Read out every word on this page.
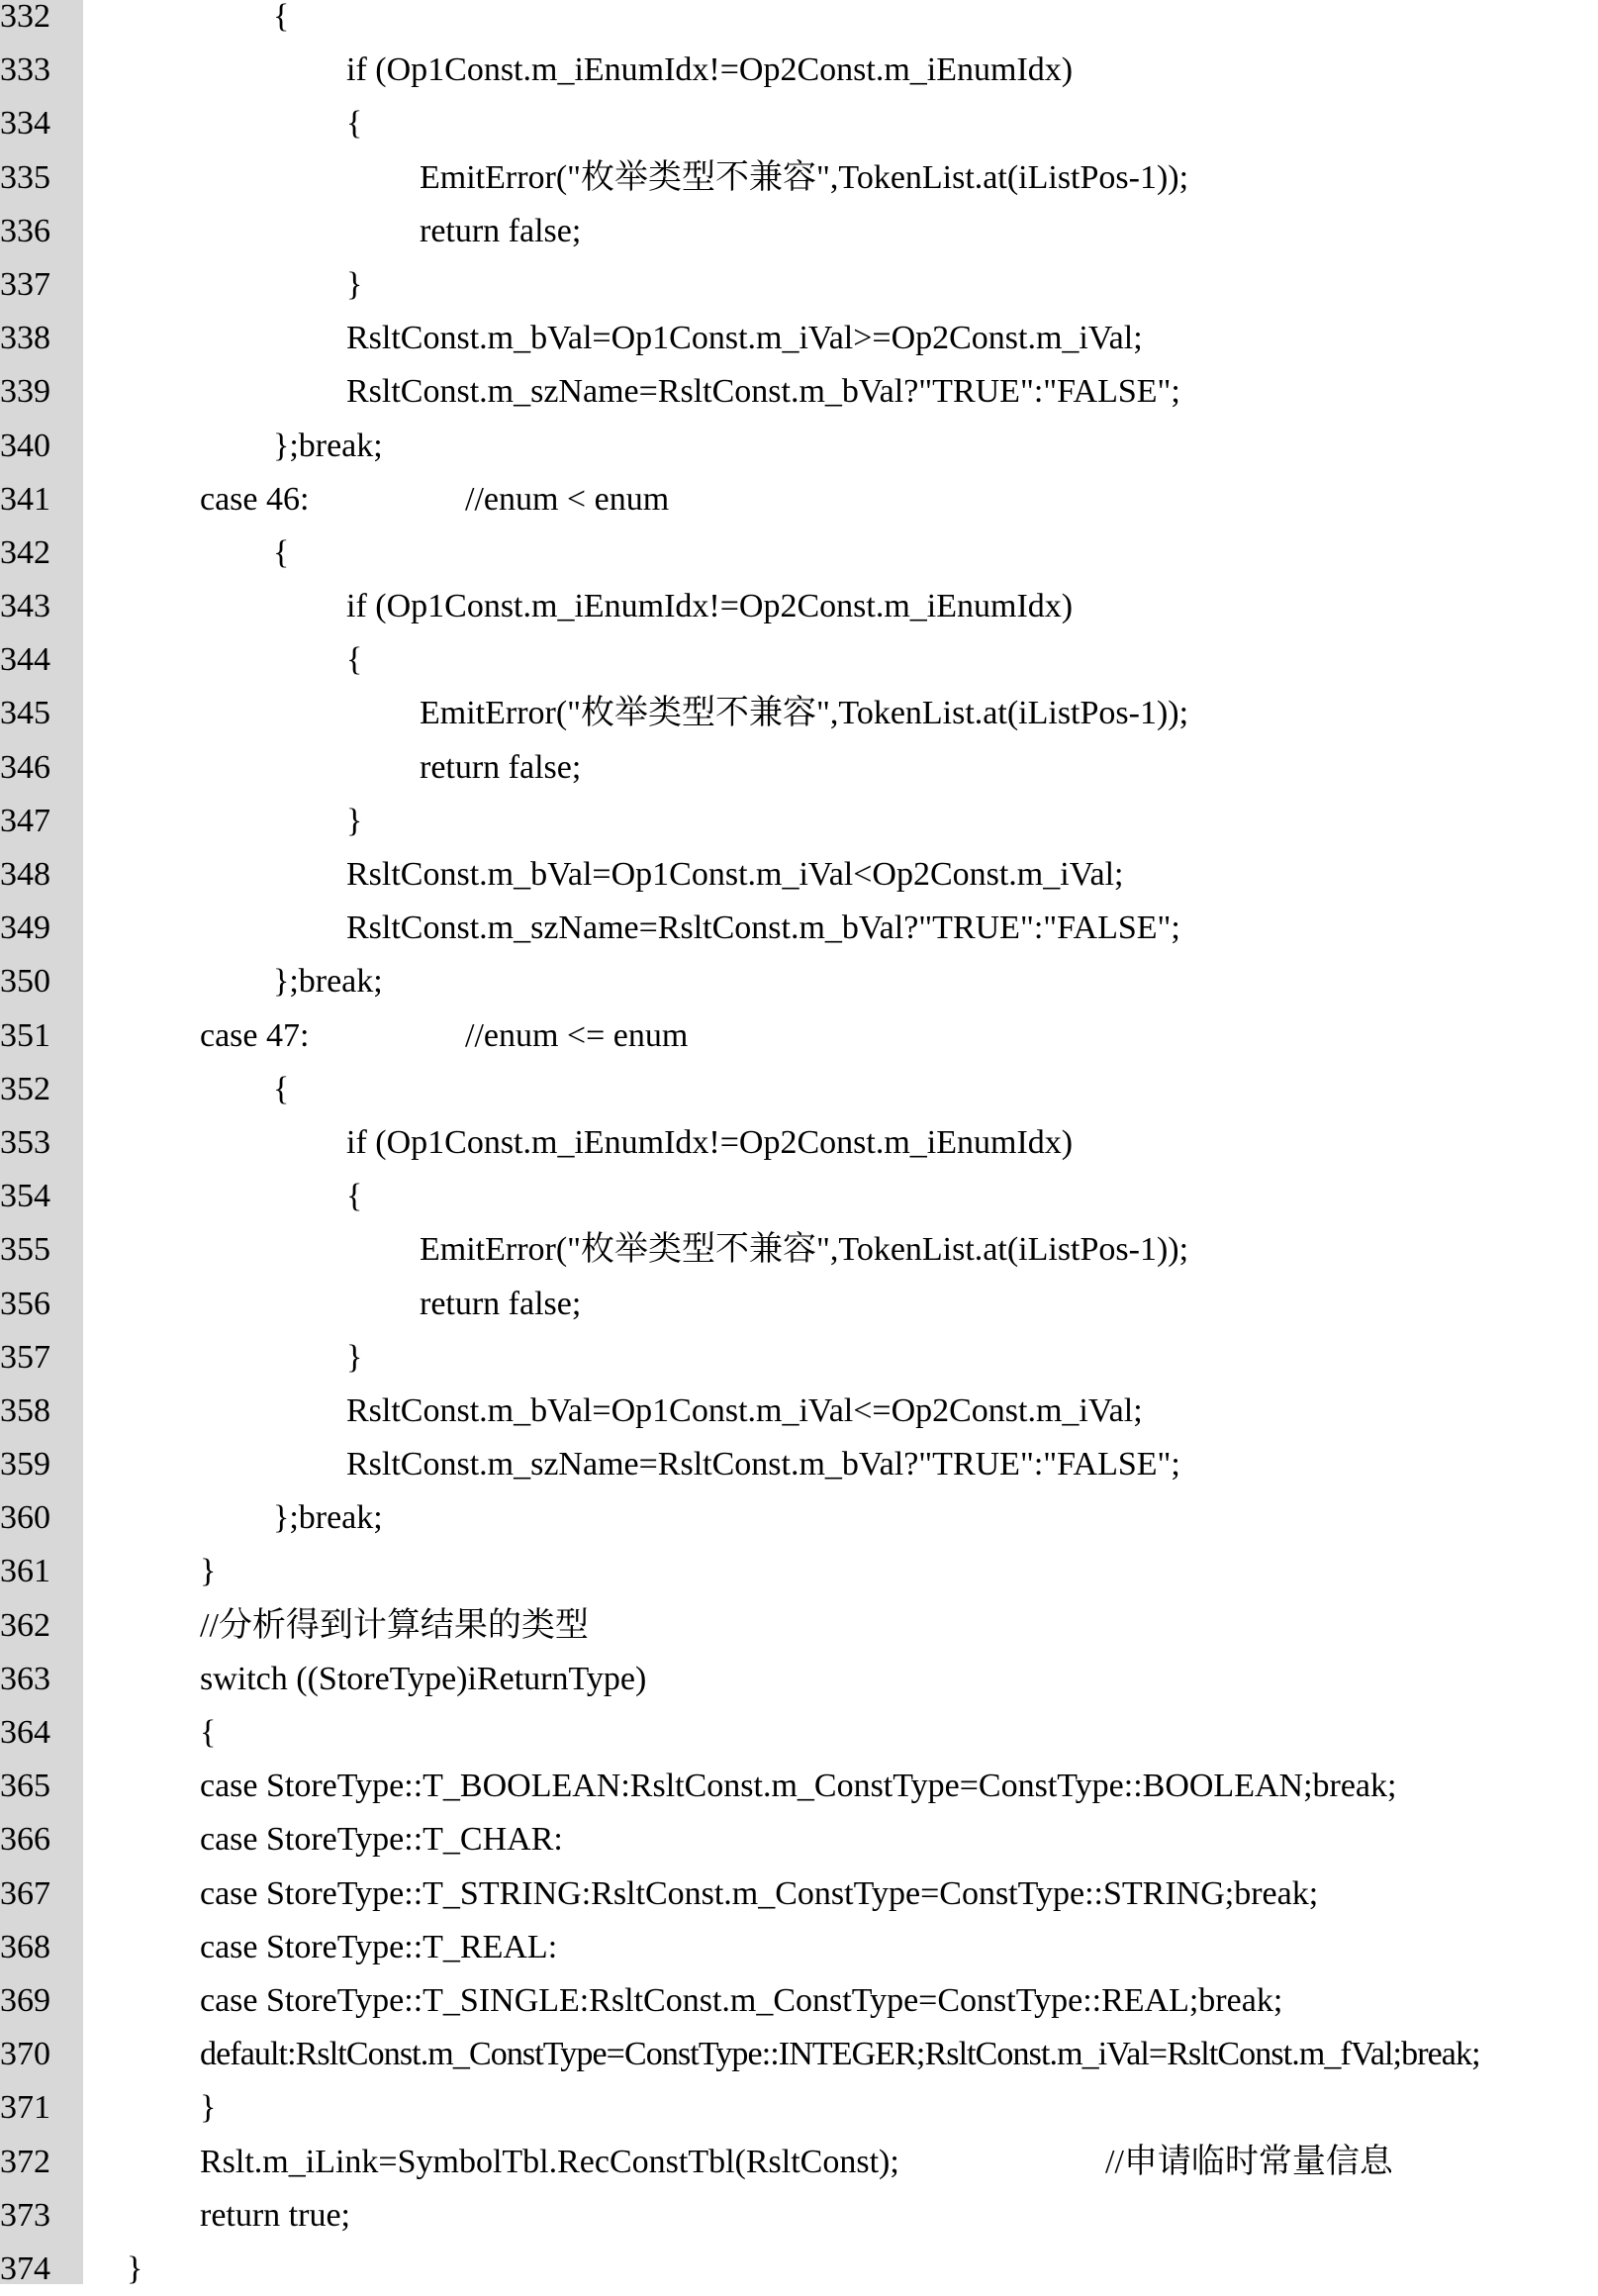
332	{
333	if (Op1Const.m_iEnumIdx!=Op2Const.m_iEnumIdx)
334	{
335	EmitError("枚举类型不兼容",TokenList.at(iListPos-1));
336	return false;
337	}
338	RsltConst.m_bVal=Op1Const.m_iVal>=Op2Const.m_iVal;
339	RsltConst.m_szName=RsltConst.m_bVal?"TRUE":"FALSE";
340	};break;
341	case 46:	//enum < enum
342	{
343	if (Op1Const.m_iEnumIdx!=Op2Const.m_iEnumIdx)
344	{
345	EmitError("枚举类型不兼容",TokenList.at(iListPos-1));
346	return false;
347	}
348	RsltConst.m_bVal=Op1Const.m_iVal<Op2Const.m_iVal;
349	RsltConst.m_szName=RsltConst.m_bVal?"TRUE":"FALSE";
350	};break;
351	case 47:	//enum <= enum
352	{
353	if (Op1Const.m_iEnumIdx!=Op2Const.m_iEnumIdx)
354	{
355	EmitError("枚举类型不兼容",TokenList.at(iListPos-1));
356	return false;
357	}
358	RsltConst.m_bVal=Op1Const.m_iVal<=Op2Const.m_iVal;
359	RsltConst.m_szName=RsltConst.m_bVal?"TRUE":"FALSE";
360	};break;
361	}
362	//分析得到计算结果的类型
363	switch ((StoreType)iReturnType)
364	{
365	case StoreType::T_BOOLEAN:RsltConst.m_ConstType=ConstType::BOOLEAN;break;
366	case StoreType::T_CHAR:
367	case StoreType::T_STRING:RsltConst.m_ConstType=ConstType::STRING;break;
368	case StoreType::T_REAL:
369	case StoreType::T_SINGLE:RsltConst.m_ConstType=ConstType::REAL;break;
370	default:RsltConst.m_ConstType=ConstType::INTEGER;RsltConst.m_iVal=RsltConst.m_fVal;break;
371	}
372	Rslt.m_iLink=SymbolTbl.RecConstTbl(RsltConst);	//申请临时常量信息
373	return true;
374 }
